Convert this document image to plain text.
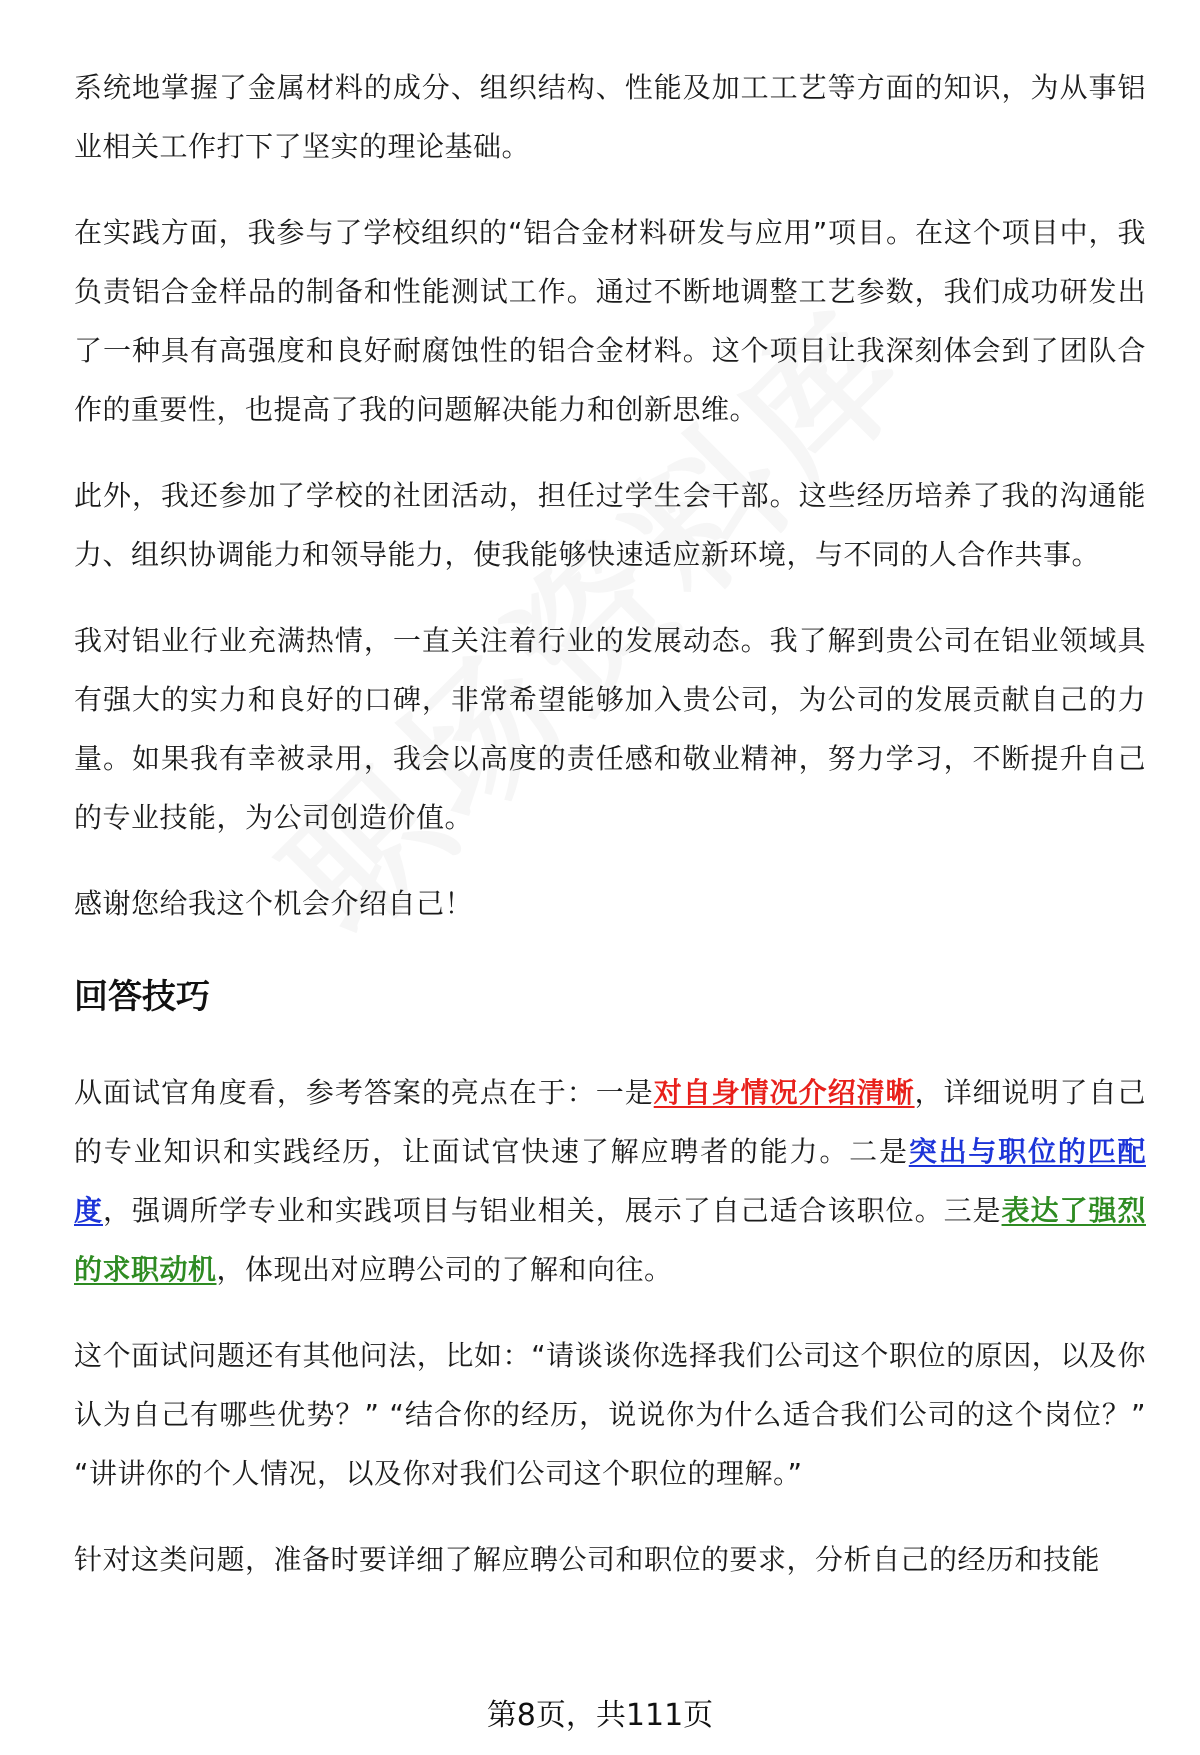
系统地掌握了金属材料的成分、组织结构、性能及加工工艺等方面的知识，为从事铝业相关工作打下了坚实的理论基础。

在实践方面，我参与了学校组织的“铝合金材料研发与应用”项目。在这个项目中，我负责铝合金样品的制备和性能测试工作。通过不断地调整工艺参数，我们成功研发出了一种具有高强度和良好耐腐蚀性的铝合金材料。这个项目让我深刻体会到了团队合作的重要性，也提高了我的问题解决能力和创新思维。

此外，我还参加了学校的社团活动，担任过学生会干部。这些经历培养了我的沟通能力、组织协调能力和领导能力，使我能够快速适应新环境，与不同的人合作共事。

我对铝业行业充满热情，一直关注着行业的发展动态。我了解到贵公司在铝业领域具有强大的实力和良好的口碑，非常希望能够加入贵公司，为公司的发展贡献自己的力量。如果我有幸被录用，我会以高度的责任感和敬业精神，努力学习，不断提升自己的专业技能，为公司创造价值。

感谢您给我这个机会介绍自己！

回答技巧

从面试官角度看，参考答案的亮点在于：一是对自身情况介绍清晰，详细说明了自己的专业知识和实践经历，让面试官快速了解应聘者的能力。二是突出与职位的匹配度，强调所学专业和实践项目与铝业相关，展示了自己适合该职位。三是表达了强烈的求职动机，体现出对应聘公司的了解和向往。

这个面试问题还有其他问法，比如：“请谈谈你选择我们公司这个职位的原因，以及你认为自己有哪些优势？” “结合你的经历，说说你为什么适合我们公司的这个岗位？” “讲讲你的个人情况，以及你对我们公司这个职位的理解。”

针对这类问题，准备时要详细了解应聘公司和职位的要求，分析自己的经历和技能

第8页，共111页
